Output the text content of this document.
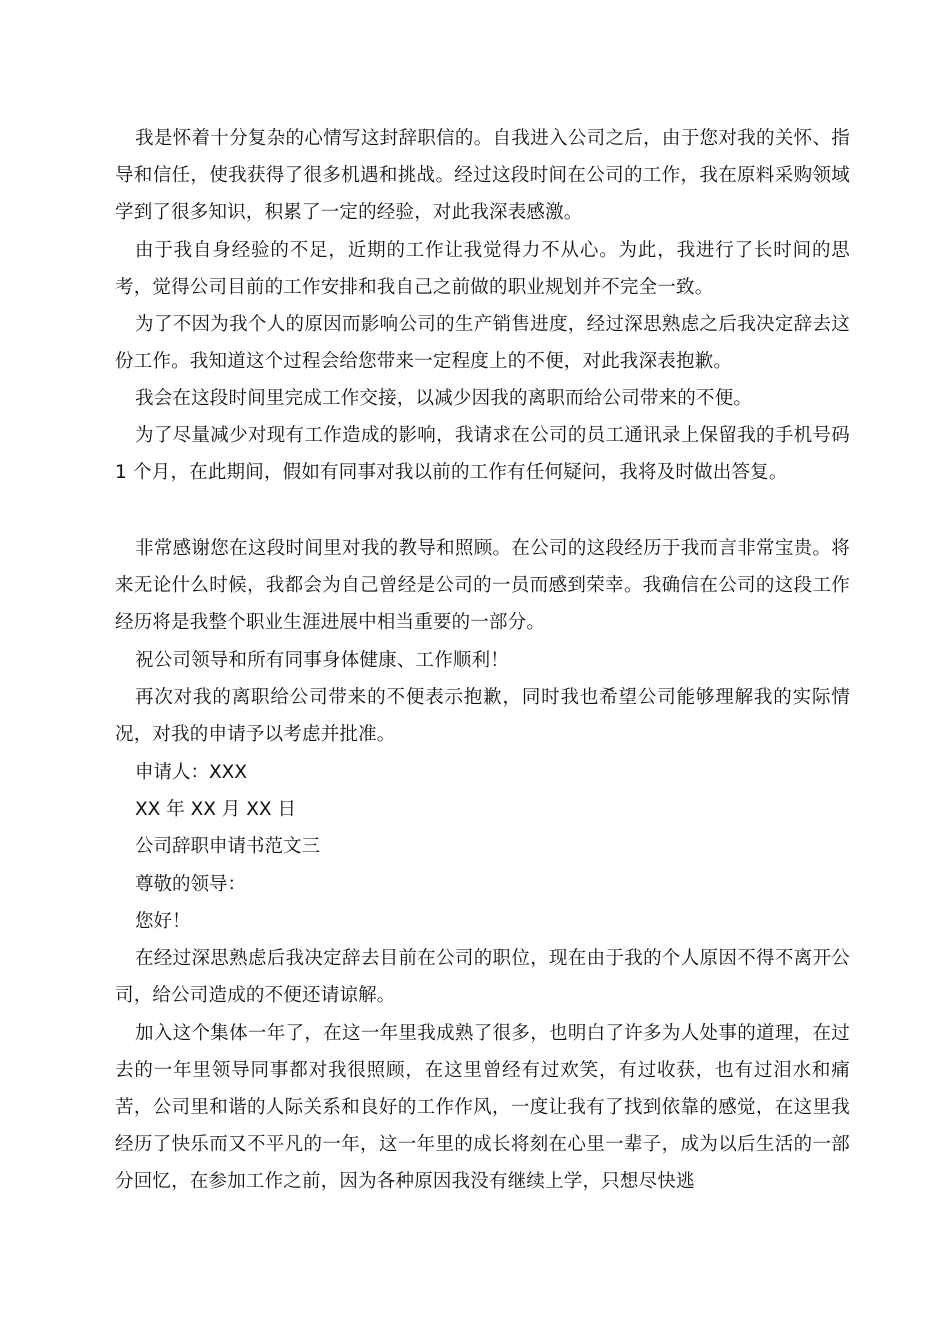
我是怀着十分复杂的心情写这封辞职信的。自我进入公司之后，由于您对我的关怀、指导和信任，使我获得了很多机遇和挑战。经过这段时间在公司的工作，我在原料采购领域学到了很多知识，积累了一定的经验，对此我深表感激。

由于我自身经验的不足，近期的工作让我觉得力不从心。为此，我进行了长时间的思考，觉得公司目前的工作安排和我自己之前做的职业规划并不完全一致。

为了不因为我个人的原因而影响公司的生产销售进度，经过深思熟虑之后我决定辞去这份工作。我知道这个过程会给您带来一定程度上的不便，对此我深表抱歉。

我会在这段时间里完成工作交接，以减少因我的离职而给公司带来的不便。

为了尽量减少对现有工作造成的影响，我请求在公司的员工通讯录上保留我的手机号码 1 个月，在此期间，假如有同事对我以前的工作有任何疑问，我将及时做出答复。

非常感谢您在这段时间里对我的教导和照顾。在公司的这段经历于我而言非常宝贵。将来无论什么时候，我都会为自己曾经是公司的一员而感到荣幸。我确信在公司的这段工作经历将是我整个职业生涯进展中相当重要的一部分。

祝公司领导和所有同事身体健康、工作顺利！

再次对我的离职给公司带来的不便表示抱歉，同时我也希望公司能够理解我的实际情况，对我的申请予以考虑并批准。

申请人：XXX

XX 年 XX 月 XX 日

公司辞职申请书范文三

尊敬的领导：

您好！

在经过深思熟虑后我决定辞去目前在公司的职位，现在由于我的个人原因不得不离开公司，给公司造成的不便还请谅解。

加入这个集体一年了，在这一年里我成熟了很多，也明白了许多为人处事的道理，在过去的一年里领导同事都对我很照顾，在这里曾经有过欢笑，有过收获，也有过泪水和痛苦，公司里和谐的人际关系和良好的工作作风，一度让我有了找到依靠的感觉，在这里我经历了快乐而又不平凡的一年，这一年里的成长将刻在心里一辈子，成为以后生活的一部分回忆，在参加工作之前，因为各种原因我没有继续上学，只想尽快逃
